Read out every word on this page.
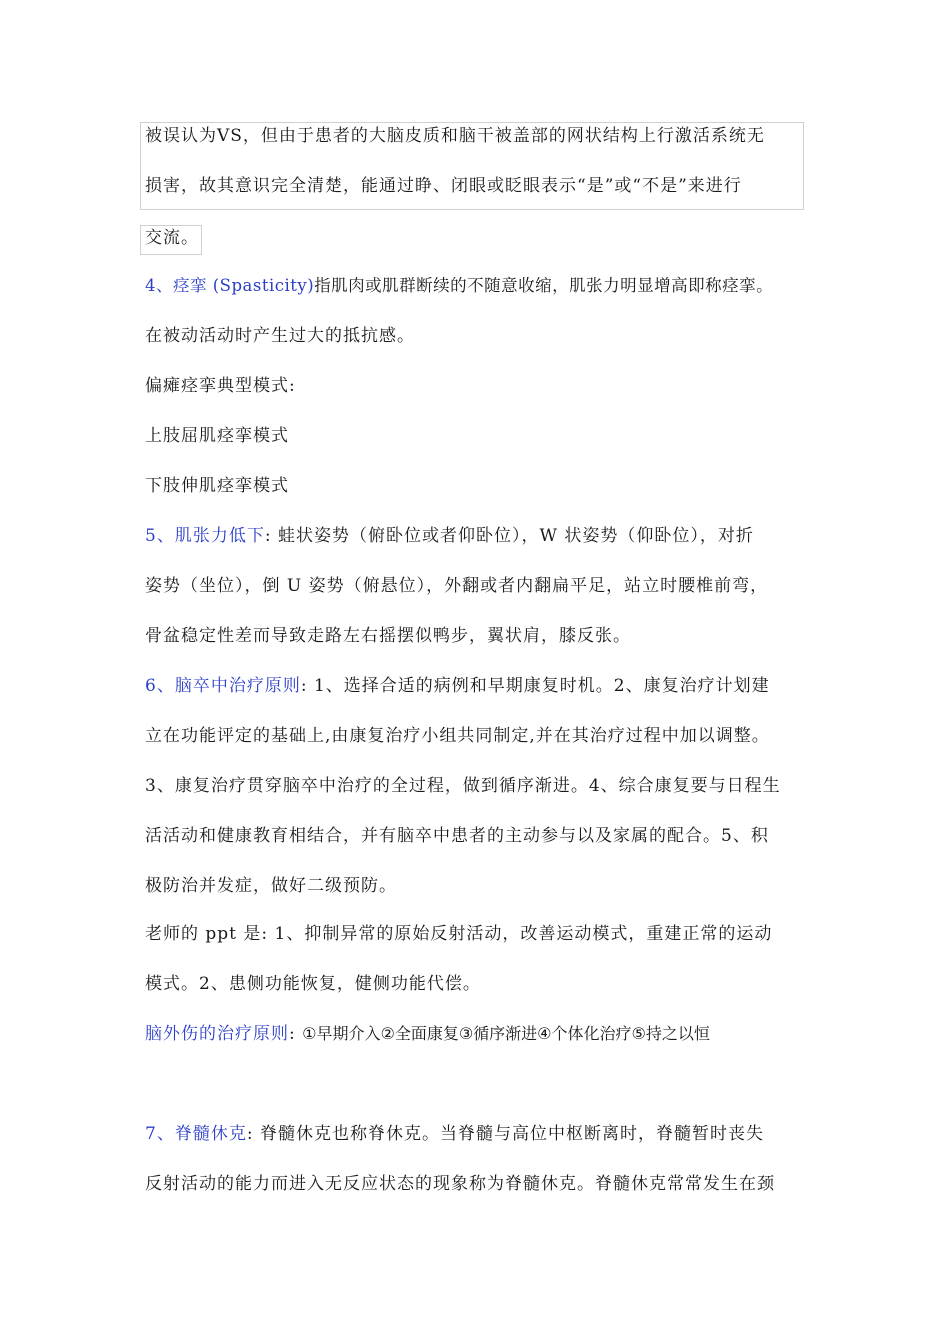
被误认为VS，但由于患者的大脑皮质和脑干被盖部的网状结构上行激活系统无
损害，故其意识完全清楚，能通过睁、闭眼或眨眼表示“是”或“不是”来进行
交流。
4、痉挛 (Spasticity)指肌肉或肌群断续的不随意收缩，肌张力明显增高即称痉挛。
在被动活动时产生过大的抵抗感。
偏瘫痉挛典型模式:
上肢屈肌痉挛模式
下肢伸肌痉挛模式
5、肌张力低下: 蛙状姿势（俯卧位或者仰卧位），W 状姿势（仰卧位），对折
姿势（坐位），倒 U 姿势（俯悬位），外翻或者内翻扁平足，站立时腰椎前弯，
骨盆稳定性差而导致走路左右摇摆似鸭步，翼状肩，膝反张。
6、脑卒中治疗原则: 1、选择合适的病例和早期康复时机。2、康复治疗计划建
立在功能评定的基础上,由康复治疗小组共同制定,并在其治疗过程中加以调整。
3、康复治疗贯穿脑卒中治疗的全过程，做到循序渐进。4、综合康复要与日程生
活活动和健康教育相结合，并有脑卒中患者的主动参与以及家属的配合。5、积
极防治并发症，做好二级预防。
老师的 ppt 是: 1、抑制异常的原始反射活动，改善运动模式，重建正常的运动
模式。2、患侧功能恢复，健侧功能代偿。
脑外伤的治疗原则: ①早期介入②全面康复③循序渐进④个体化治疗⑤持之以恒
7、脊髓休克: 脊髓休克也称脊休克。当脊髓与高位中枢断离时，脊髓暂时丧失
反射活动的能力而进入无反应状态的现象称为脊髓休克。脊髓休克常常发生在颈
